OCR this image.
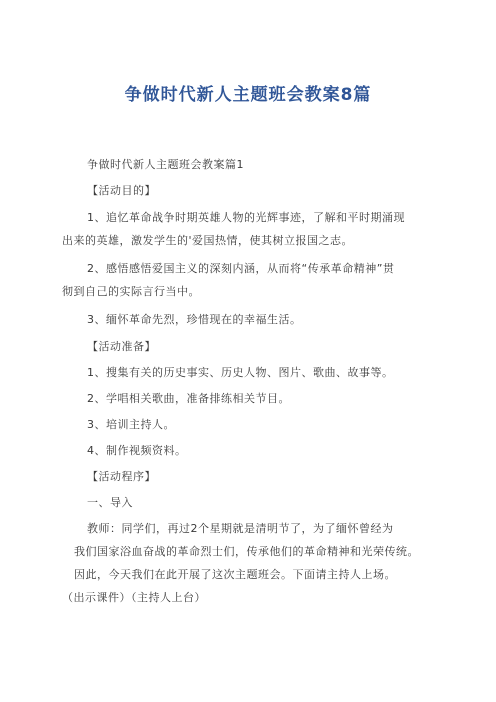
争做时代新人主题班会教案8篇
争做时代新人主题班会教案篇1
【活动目的】
1、追忆革命战争时期英雄人物的光辉事迹，了解和平时期涌现
出来的英雄，激发学生的'爱国热情，使其树立报国之志。
2、感悟感悟爱国主义的深刻内涵，从而将“传承革命精神”贯
彻到自己的实际言行当中。
3、缅怀革命先烈，珍惜现在的幸福生活。
【活动准备】
1、搜集有关的历史事实、历史人物、图片、歌曲、故事等。
2、学唱相关歌曲，准备排练相关节目。
3、培训主持人。
4、制作视频资料。
【活动程序】
一、导入
教师：同学们，再过2个星期就是清明节了，为了缅怀曾经为
我们国家浴血奋战的革命烈士们，传承他们的革命精神和光荣传统。
因此，今天我们在此开展了这次主题班会。下面请主持人上场。
（出示课件）（主持人上台）
